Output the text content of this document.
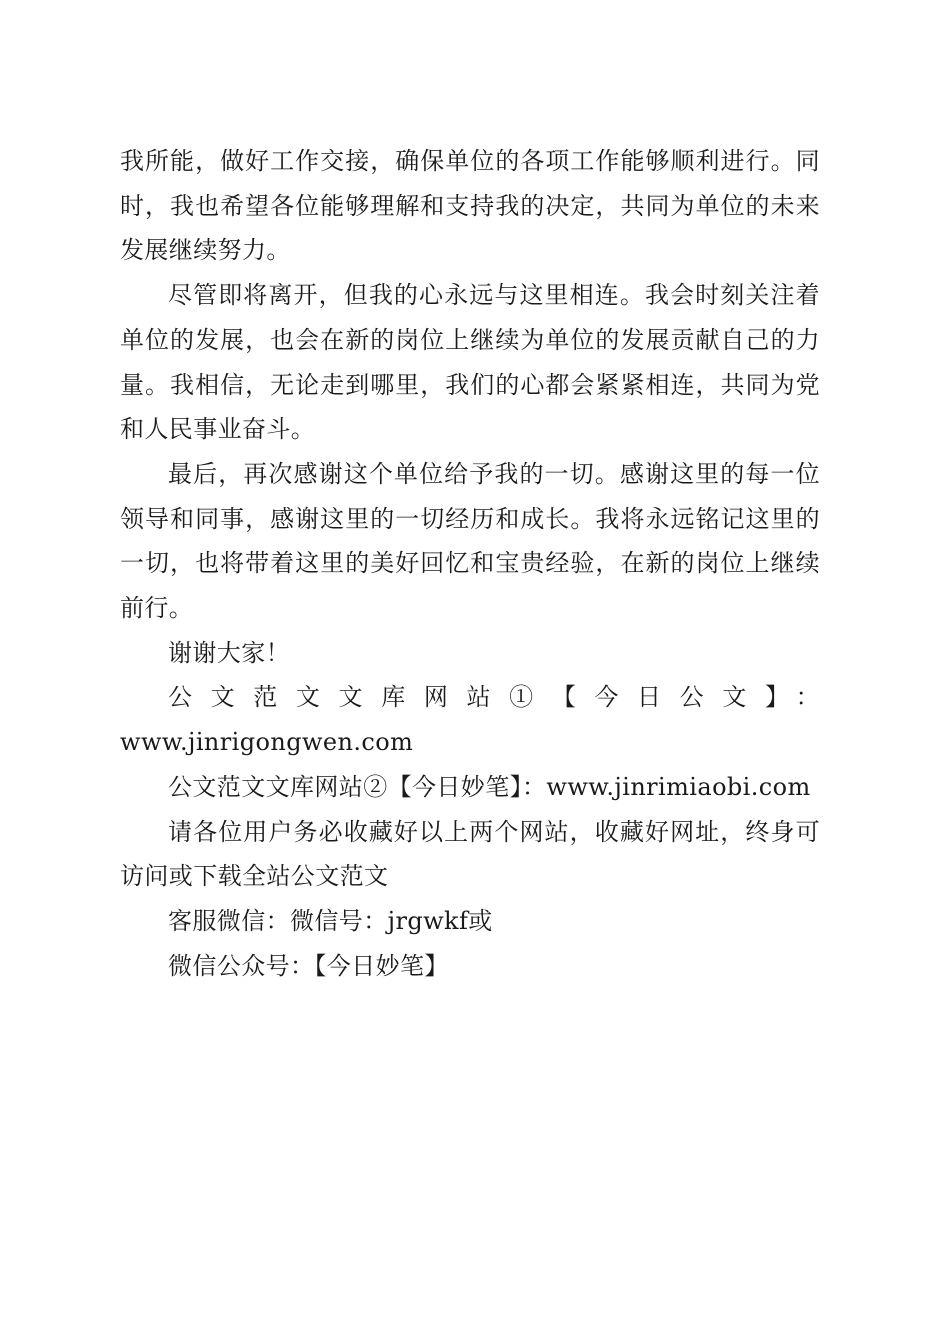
我所能，做好工作交接，确保单位的各项工作能够顺利进行。同时，我也希望各位能够理解和支持我的决定，共同为单位的未来发展继续努力。

尽管即将离开，但我的心永远与这里相连。我会时刻关注着单位的发展，也会在新的岗位上继续为单位的发展贡献自己的力量。我相信，无论走到哪里，我们的心都会紧紧相连，共同为党和人民事业奋斗。

最后，再次感谢这个单位给予我的一切。感谢这里的每一位领导和同事，感谢这里的一切经历和成长。我将永远铭记这里的一切，也将带着这里的美好回忆和宝贵经验，在新的岗位上继续前行。

谢谢大家！

公文范文文库网站①【今日公文】：
www.jinrigongwen.com

公文范文文库网站②【今日妙笔】：www.jinrimiaobi.com

请各位用户务必收藏好以上两个网站，收藏好网址，终身可访问或下载全站公文范文

客服微信：微信号：jrgwkf或

微信公众号：【今日妙笔】
